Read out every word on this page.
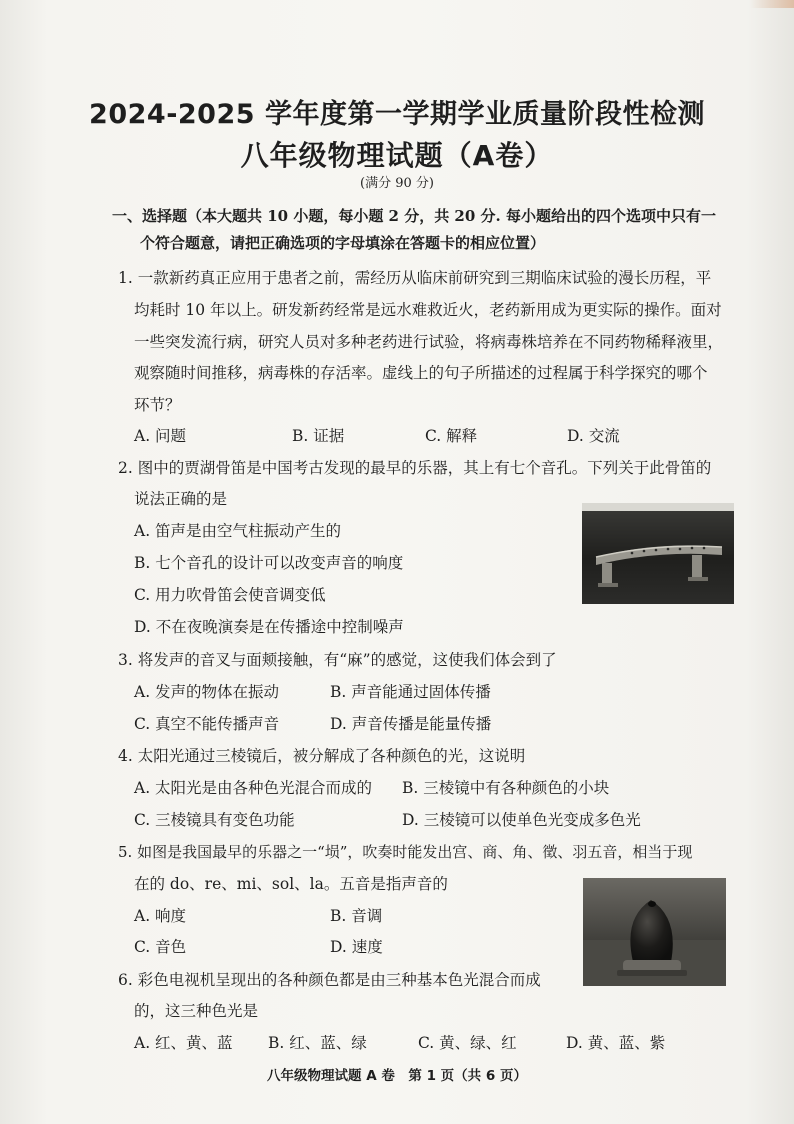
2024-2025 学年度第一学期学业质量阶段性检测
八年级物理试题（A卷）
(满分 90 分)
一、选择题（本大题共 10 小题，每小题 2 分，共 20 分. 每小题给出的四个选项中只有一
个符合题意，请把正确选项的字母填涂在答题卡的相应位置）
1. 一款新药真正应用于患者之前，需经历从临床前研究到三期临床试验的漫长历程，平
均耗时 10 年以上。研发新药经常是远水难救近火，老药新用成为更实际的操作。面对
一些突发流行病，研究人员对多种老药进行试验，将病毒株培养在不同药物稀释液里，
观察随时间推移，病毒株的存活率。虚线上的句子所描述的过程属于科学探究的哪个
环节？
A. 问题	B. 证据	C. 解释	D. 交流
2. 图中的贾湖骨笛是中国考古发现的最早的乐器，其上有七个音孔。下列关于此骨笛的
说法正确的是
A. 笛声是由空气柱振动产生的
B. 七个音孔的设计可以改变声音的响度
C. 用力吹骨笛会使音调变低
D. 不在夜晚演奏是在传播途中控制噪声
3. 将发声的音叉与面颊接触，有“麻”的感觉，这使我们体会到了
A. 发声的物体在振动	B. 声音能通过固体传播
C. 真空不能传播声音	D. 声音传播是能量传播
4. 太阳光通过三棱镜后，被分解成了各种颜色的光，这说明
A. 太阳光是由各种色光混合而成的 B. 三棱镜中有各种颜色的小块
C. 三棱镜具有变色功能	D. 三棱镜可以使单色光变成多色光
5. 如图是我国最早的乐器之一“埙”，吹奏时能发出宫、商、角、徵、羽五音，相当于现
在的 do、re、mi、sol、la。五音是指声音的
A. 响度	B. 音调
C. 音色	D. 速度
6. 彩色电视机呈现出的各种颜色都是由三种基本色光混合而成
的，这三种色光是
A. 红、黄、蓝 B. 红、蓝、绿	C. 黄、绿、红	D. 黄、蓝、紫
八年级物理试题 A 卷　第 1 页（共 6 页）
